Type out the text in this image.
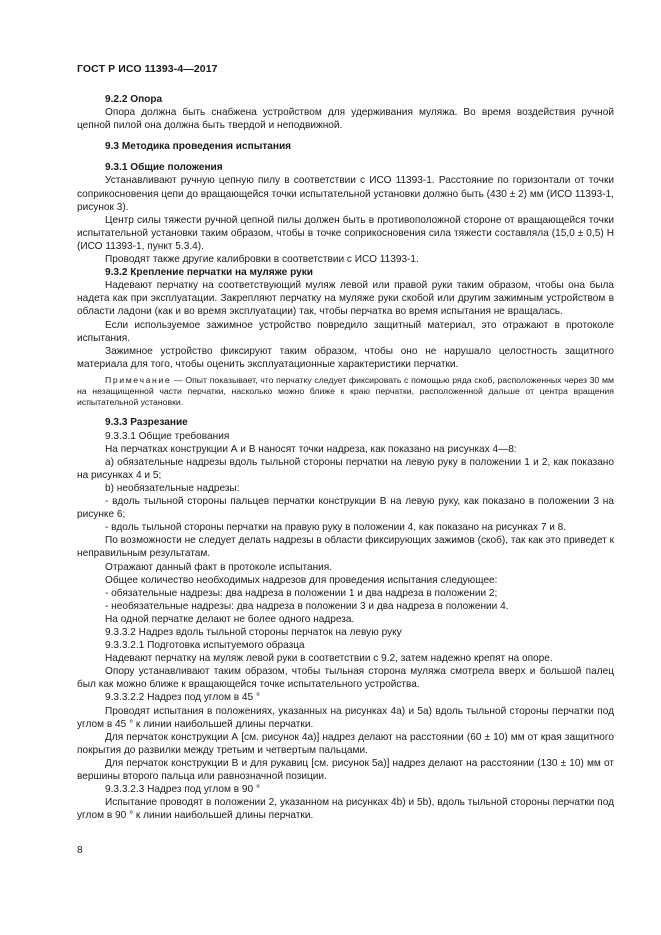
ГОСТ Р ИСО 11393-4—2017

9.2.2 Опора

Опора должна быть снабжена устройством для удерживания муляжа. Во время воздействия ручной цепной пилой она должна быть твердой и неподвижной.

9.3 Методика проведения испытания

9.3.1 Общие положения

Устанавливают ручную цепную пилу в соответствии с ИСО 11393-1. Расстояние по горизонтали от точки соприкосновения цепи до вращающейся точки испытательной установки должно быть (430 ± 2) мм (ИСО 11393-1, рисунок 3).

Центр силы тяжести ручной цепной пилы должен быть в противоположной стороне от вращающейся точки испытательной установки таким образом, чтобы в точке соприкосновения сила тяжести составляла (15,0 ± 0,5) Н (ИСО 11393-1, пункт 5.3.4).

Проводят также другие калибровки в соответствии с ИСО 11393-1.

9.3.2 Крепление перчатки на муляже руки

Надевают перчатку на соответствующий муляж левой или правой руки таким образом, чтобы она была надета как при эксплуатации. Закрепляют перчатку на муляже руки скобой или другим зажимным устройством в области ладони (как и во время эксплуатации) так, чтобы перчатка во время испытания не вращалась.

Если используемое зажимное устройство повредило защитный материал, это отражают в протоколе испытания.

Зажимное устройство фиксируют таким образом, чтобы оно не нарушало целостность защитного материала для того, чтобы оценить эксплуатационные характеристики перчатки.

Примечание — Опыт показывает, что перчатку следует фиксировать с помощью ряда скоб, расположенных через 30 мм на незащищенной части перчатки, насколько можно ближе к краю перчатки, расположенной дальше от центра вращения испытательной установки.

9.3.3 Разрезание

9.3.3.1 Общие требования

На перчатках конструкции А и В наносят точки надреза, как показано на рисунках 4—8:

а) обязательные надрезы вдоль тыльной стороны перчатки на левую руку в положении 1 и 2, как показано на рисунках 4 и 5;

b) необязательные надрезы:

- вдоль тыльной стороны пальцев перчатки конструкции В на левую руку, как показано в положении 3 на рисунке 6;

- вдоль тыльной стороны перчатки на правую руку в положении 4, как показано на рисунках 7 и 8.

По возможности не следует делать надрезы в области фиксирующих зажимов (скоб), так как это приведет к неправильным результатам.

Отражают данный факт в протоколе испытания.

Общее количество необходимых надрезов для проведения испытания следующее:

- обязательные надрезы: два надреза в положении 1 и два надреза в положении 2;

- необязательные надрезы: два надреза в положении 3 и два надреза в положении 4.

На одной перчатке делают не более одного надреза.

9.3.3.2 Надрез вдоль тыльной стороны перчаток на левую руку

9.3.3.2.1 Подготовка испытуемого образца

Надевают перчатку на муляж левой руки в соответствии с 9.2, затем надежно крепят на опоре.

Опору устанавливают таким образом, чтобы тыльная сторона муляжа смотрела вверх и большой палец был как можно ближе к вращающейся точке испытательного устройства.

9.3.3.2.2 Надрез под углом в 45 °

Проводят испытания в положениях, указанных на рисунках 4а) и 5а) вдоль тыльной стороны перчатки под углом в 45 ° к линии наибольшей длины перчатки.

Для перчаток конструкции А [см. рисунок 4а)] надрез делают на расстоянии (60 ± 10) мм от края защитного покрытия до развилки между третьим и четвертым пальцами.

Для перчаток конструкции В и для рукавиц [см. рисунок 5а)] надрез делают на расстоянии (130 ± 10) мм от вершины второго пальца или равнозначной позиции.

9.3.3.2.3 Надрез под углом в 90 °

Испытание проводят в положении 2, указанном на рисунках 4b) и 5b), вдоль тыльной стороны перчатки под углом в 90 ° к линии наибольшей длины перчатки.

8
